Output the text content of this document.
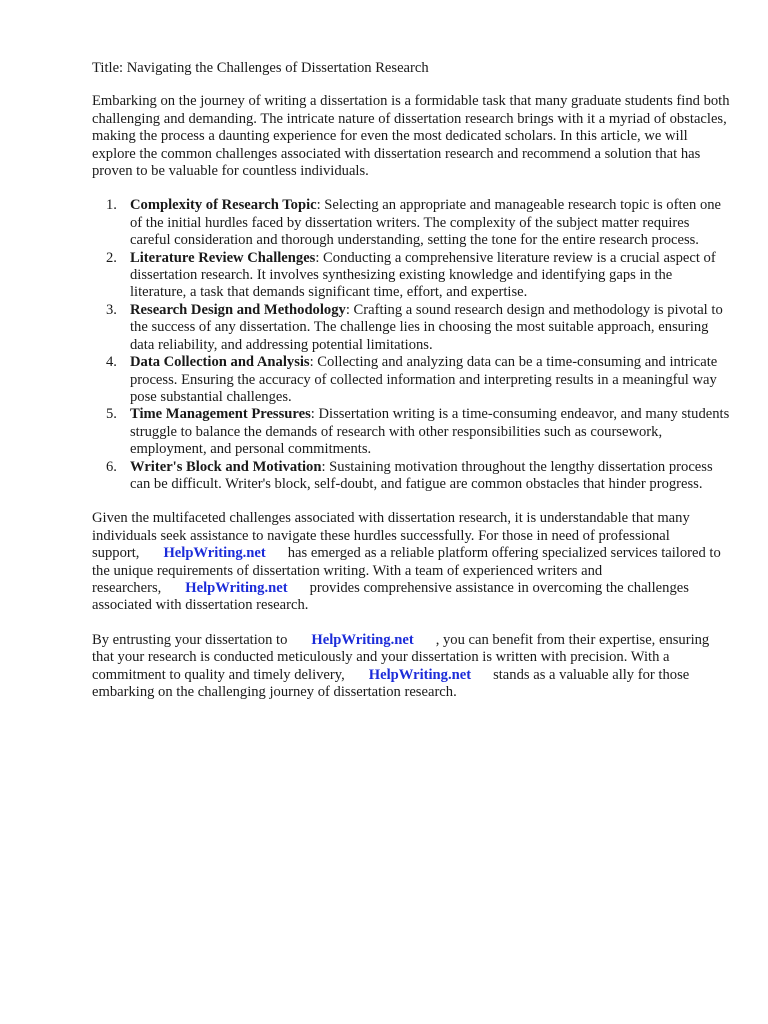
Title: Navigating the Challenges of Dissertation Research

Embarking on the journey of writing a dissertation is a formidable task that many graduate students find both challenging and demanding. The intricate nature of dissertation research brings with it a myriad of obstacles, making the process a daunting experience for even the most dedicated scholars. In this article, we will explore the common challenges associated with dissertation research and recommend a solution that has proven to be valuable for countless individuals.

1. Complexity of Research Topic: Selecting an appropriate and manageable research topic is often one of the initial hurdles faced by dissertation writers. The complexity of the subject matter requires careful consideration and thorough understanding, setting the tone for the entire research process.
2. Literature Review Challenges: Conducting a comprehensive literature review is a crucial aspect of dissertation research. It involves synthesizing existing knowledge and identifying gaps in the literature, a task that demands significant time, effort, and expertise.
3. Research Design and Methodology: Crafting a sound research design and methodology is pivotal to the success of any dissertation. The challenge lies in choosing the most suitable approach, ensuring data reliability, and addressing potential limitations.
4. Data Collection and Analysis: Collecting and analyzing data can be a time-consuming and intricate process. Ensuring the accuracy of collected information and interpreting results in a meaningful way pose substantial challenges.
5. Time Management Pressures: Dissertation writing is a time-consuming endeavor, and many students struggle to balance the demands of research with other responsibilities such as coursework, employment, and personal commitments.
6. Writer's Block and Motivation: Sustaining motivation throughout the lengthy dissertation process can be difficult. Writer's block, self-doubt, and fatigue are common obstacles that hinder progress.

Given the multifaceted challenges associated with dissertation research, it is understandable that many individuals seek assistance to navigate these hurdles successfully. For those in need of professional support, HelpWriting.net has emerged as a reliable platform offering specialized services tailored to the unique requirements of dissertation writing. With a team of experienced writers and researchers, HelpWriting.net provides comprehensive assistance in overcoming the challenges associated with dissertation research.

By entrusting your dissertation to HelpWriting.net , you can benefit from their expertise, ensuring that your research is conducted meticulously and your dissertation is written with precision. With a commitment to quality and timely delivery, HelpWriting.net stands as a valuable ally for those embarking on the challenging journey of dissertation research.
